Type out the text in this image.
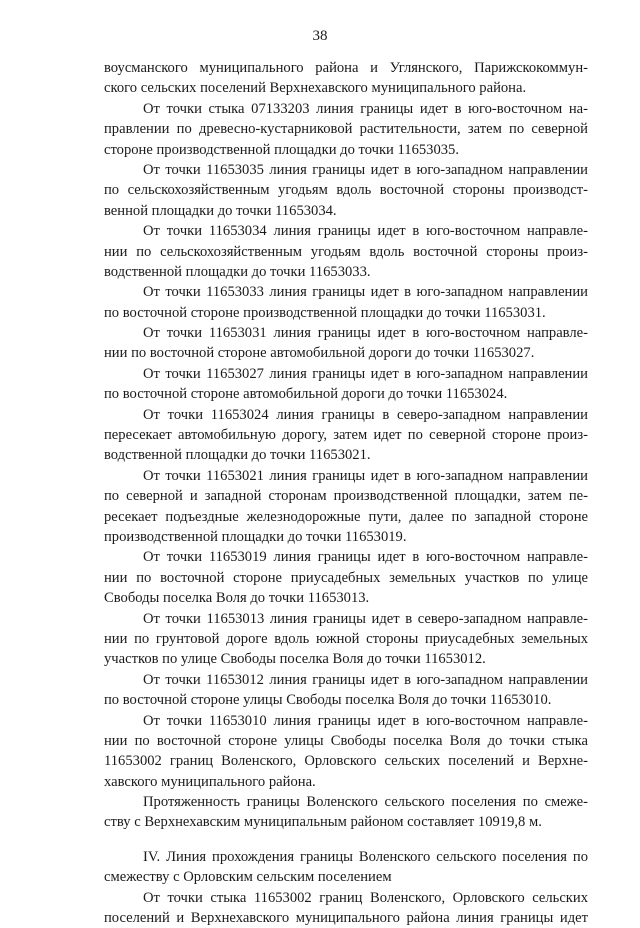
38
воусманского муниципального района и Углянского, Парижскокоммун-
ского сельских поселений Верхнехавского муниципального района.
От точки стыка 07133203 линия границы идет в юго-восточном на-
правлении по древесно-кустарниковой растительности, затем по северной
стороне производственной площадки до точки 11653035.
От точки 11653035 линия границы идет в юго-западном направлении
по сельскохозяйственным угодьям вдоль восточной стороны производст-
венной площадки до точки 11653034.
От точки 11653034 линия границы идет в юго-восточном направле-
нии по сельскохозяйственным угодьям вдоль восточной стороны произ-
водственной площадки до точки 11653033.
От точки 11653033 линия границы идет в юго-западном направлении
по восточной стороне производственной площадки до точки 11653031.
От точки 11653031 линия границы идет в юго-восточном направле-
нии по восточной стороне автомобильной дороги до точки 11653027.
От точки 11653027 линия границы идет в юго-западном направлении
по восточной стороне автомобильной дороги до точки 11653024.
От точки 11653024 линия границы в северо-западном направлении
пересекает автомобильную дорогу, затем идет по северной стороне произ-
водственной площадки до точки 11653021.
От точки 11653021 линия границы идет в юго-западном направлении
по северной и западной сторонам производственной площадки, затем пе-
ресекает подъездные железнодорожные пути, далее по западной стороне
производственной площадки до точки 11653019.
От точки 11653019 линия границы идет в юго-восточном направле-
нии по восточной стороне приусадебных земельных участков по улице
Свободы поселка Воля до точки 11653013.
От точки 11653013 линия границы идет в северо-западном направле-
нии по грунтовой дороге вдоль южной стороны приусадебных земельных
участков по улице Свободы поселка Воля до точки 11653012.
От точки 11653012 линия границы идет в юго-западном направлении
по восточной стороне улицы Свободы поселка Воля до точки 11653010.
От точки 11653010 линия границы идет в юго-восточном направле-
нии по восточной стороне улицы Свободы поселка Воля до точки стыка
11653002 границ Воленского, Орловского сельских поселений и Верхне-
хавского муниципального района.
Протяженность границы Воленского сельского поселения по смеже-
ству с Верхнехавским муниципальным районом составляет 10919,8 м.
IV. Линия прохождения границы Воленского сельского поселения по
смежеству с Орловским сельским поселением
От точки стыка 11653002 границ Воленского, Орловского сельских
поселений и Верхнехавского муниципального района линия границы идет
